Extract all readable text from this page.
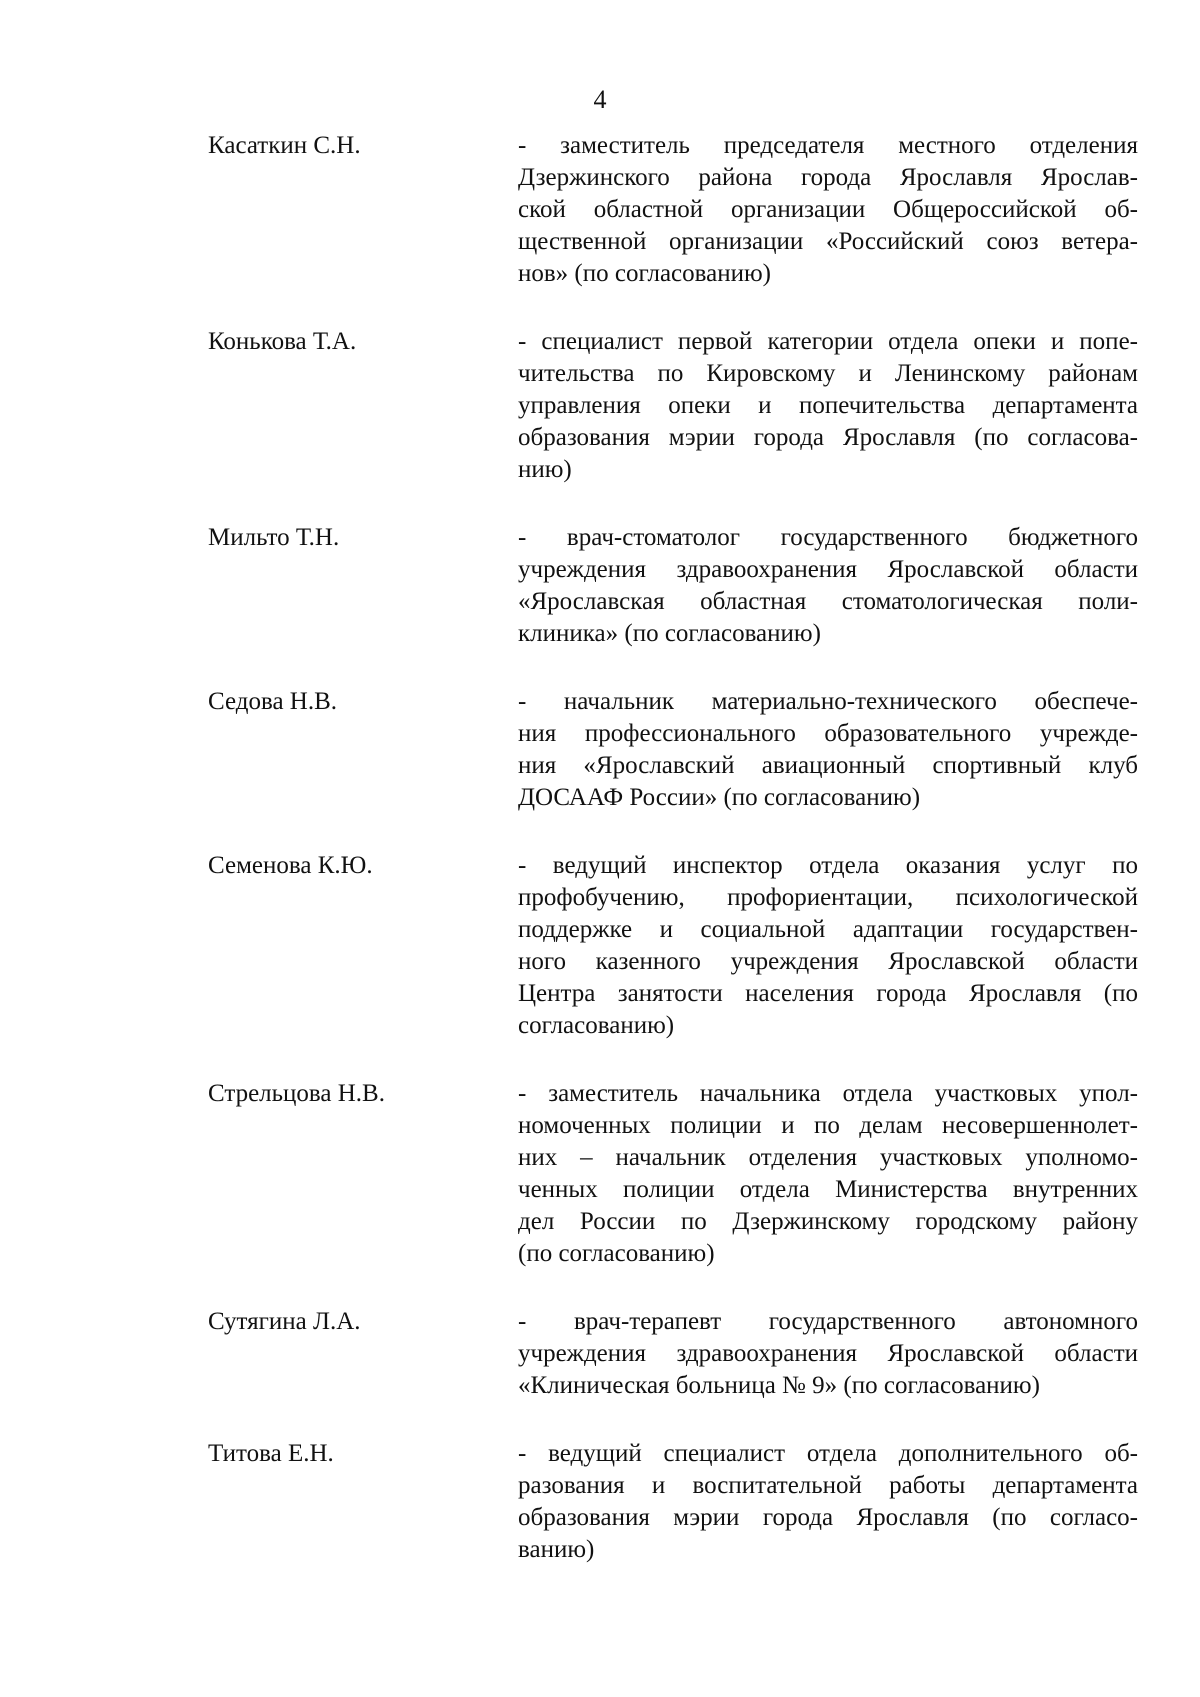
4
Касаткин С.Н.	- заместитель председателя местного отделения
Дзержинского района города Ярославля Ярослав-
ской областной организации Общероссийской об-
щественной организации «Российский союз ветера-
нов» (по согласованию)
Конькова Т.А.	- специалист первой категории отдела опеки и попе-
чительства по Кировскому и Ленинскому районам
управления опеки и попечительства департамента
образования мэрии города Ярославля (по согласова-
нию)
Мильто Т.Н.	- врач-стоматолог государственного бюджетного
учреждения здравоохранения Ярославской области
«Ярославская областная стоматологическая поли-
клиника» (по согласованию)
Седова Н.В.	- начальник материально-технического обеспече-
ния профессионального образовательного учрежде-
ния «Ярославский авиационный спортивный клуб
ДОСААФ России» (по согласованию)
Семенова К.Ю.	- ведущий инспектор отдела оказания услуг по
профобучению, профориентации, психологической
поддержке и социальной адаптации государствен-
ного казенного учреждения Ярославской области
Центра занятости населения города Ярославля (по
согласованию)
Стрельцова Н.В.	- заместитель начальника отдела участковых упол-
номоченных полиции и по делам несовершеннолет-
них – начальник отделения участковых уполномо-
ченных полиции отдела Министерства внутренних
дел России по Дзержинскому городскому району
(по согласованию)
Сутягина Л.А.	- врач-терапевт государственного автономного
учреждения здравоохранения Ярославской области
«Клиническая больница № 9» (по согласованию)
Титова Е.Н.	- ведущий специалист отдела дополнительного об-
разования и воспитательной работы департамента
образования мэрии города Ярославля (по согласо-
ванию)
